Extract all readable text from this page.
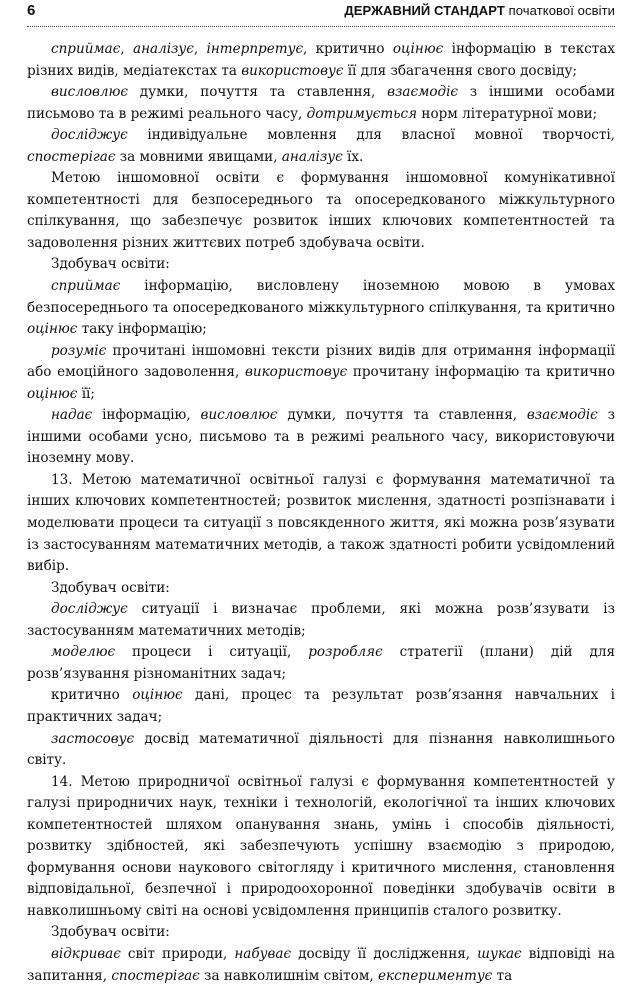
6	ДЕРЖАВНИЙ СТАНДАРТ початкової освіти

сприймає, аналізує, інтерпретує, критично оцінює інформацію в текстах різних видів, медіатекстах та використовує її для збагачення свого досвіду;

висловлює думки, почуття та ставлення, взаємодіє з іншими особами письмово та в режимі реального часу, дотримується норм літературної мови;

досліджує індивідуальне мовлення для власної мовної творчості, спостерігає за мовними явищами, аналізує їх.

Метою іншомовної освіти є формування іншомовної комунікативної компетентності для безпосереднього та опосередкованого міжкультурного спілкування, що забезпечує розвиток інших ключових компетентностей та задоволення різних життєвих потреб здобувача освіти.

Здобувач освіти:

сприймає інформацію, висловлену іноземною мовою в умовах безпосереднього та опосередкованого міжкультурного спілкування, та критично оцінює таку інформацію;

розуміє прочитані іншомовні тексти різних видів для отримання інформації або емоційного задоволення, використовує прочитану інформацію та критично оцінює її;

надає інформацію, висловлює думки, почуття та ставлення, взаємодіє з іншими особами усно, письмово та в режимі реального часу, використовуючи іноземну мову.

13. Метою математичної освітньої галузі є формування математичної та інших ключових компетентностей; розвиток мислення, здатності розпізнавати і моделювати процеси та ситуації з повсякденного життя, які можна розв’язувати із застосуванням математичних методів, а також здатності робити усвідомлений вибір.

Здобувач освіти:

досліджує ситуації і визначає проблеми, які можна розв’язувати із застосуванням математичних методів;

моделює процеси і ситуації, розробляє стратегії (плани) дій для розв’язування різноманітних задач;

критично оцінює дані, процес та результат розв’язання навчальних і практичних задач;

застосовує досвід математичної діяльності для пізнання навколишнього світу.

14. Метою природничої освітньої галузі є формування компетентностей у галузі природничих наук, техніки і технологій, екологічної та інших ключових компетентностей шляхом опанування знань, умінь і способів діяльності, розвитку здібностей, які забезпечують успішну взаємодію з природою, формування основи наукового світогляду і критичного мислення, становлення відповідальної, безпечної і природоохоронної поведінки здобувачів освіти в навколишньому світі на основі усвідомлення принципів сталого розвитку.

Здобувач освіти:

відкриває світ природи, набуває досвіду її дослідження, шукає відповіді на запитання, спостерігає за навколишнім світом, експериментує та
